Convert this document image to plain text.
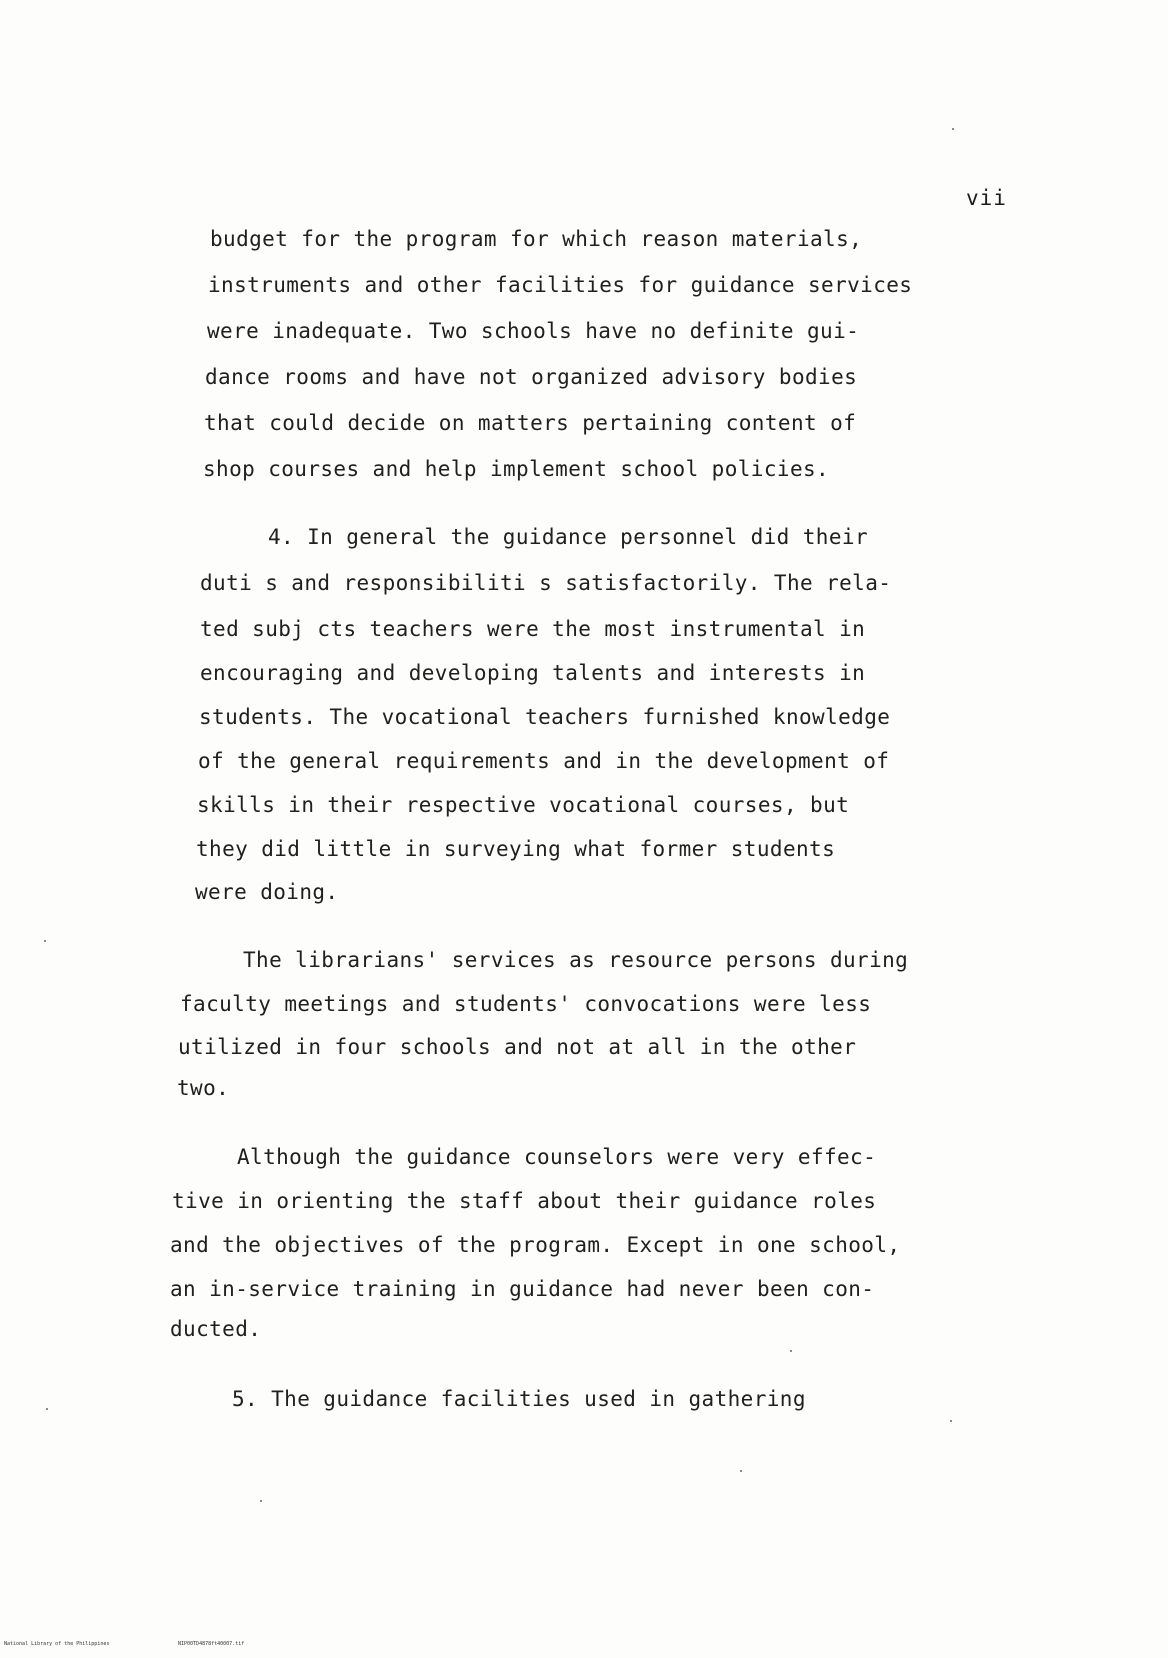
vii
budget for the program for which reason materials,
instruments and other facilities for guidance services
were inadequate. Two schools have no definite gui-
dance rooms and have not organized advisory bodies
that could decide on matters pertaining content of
shop courses and help implement school policies.
4. In general the guidance personnel did their
duti s and responsibiliti s satisfactorily. The rela-
ted subj cts teachers were the most instrumental in
encouraging and developing talents and interests in
students. The vocational teachers furnished knowledge
of the general requirements and in the development of
skills in their respective vocational courses, but
they did little in surveying what former students
were doing.
The librarians' services as resource persons during
faculty meetings and students' convocations were less
utilized in four schools and not at all in the other
two.
Although the guidance counselors were very effec-
tive in orienting the staff about their guidance roles
and the objectives of the program. Except in one school,
an in-service training in guidance had never been con-
ducted.
5. The guidance facilities used in gathering
National Library of the Philippines	NIP00TD4878ft40007.tif
